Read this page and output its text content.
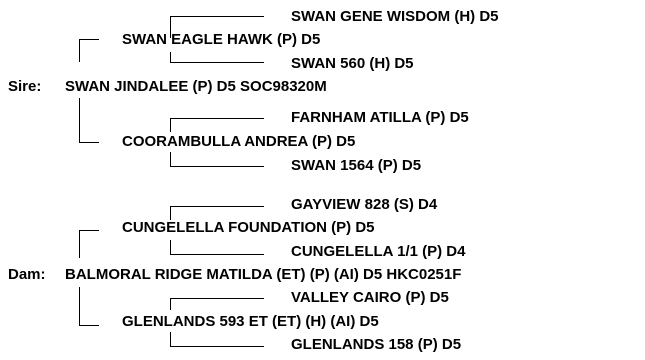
SWAN GENE WISDOM (H) D5
SWAN EAGLE HAWK (P) D5
SWAN 560 (H) D5
Sire: SWAN JINDALEE (P) D5 SOC98320M
FARNHAM ATILLA (P) D5
COORAMBULLA ANDREA (P) D5
SWAN 1564 (P) D5
GAYVIEW 828 (S) D4
CUNGELELLA FOUNDATION (P) D5
CUNGELELLA 1/1 (P) D4
Dam: BALMORAL RIDGE MATILDA (ET) (P) (AI) D5 HKC0251F
VALLEY CAIRO (P) D5
GLENLANDS 593 ET (ET) (H) (AI) D5
GLENLANDS 158 (P) D5
